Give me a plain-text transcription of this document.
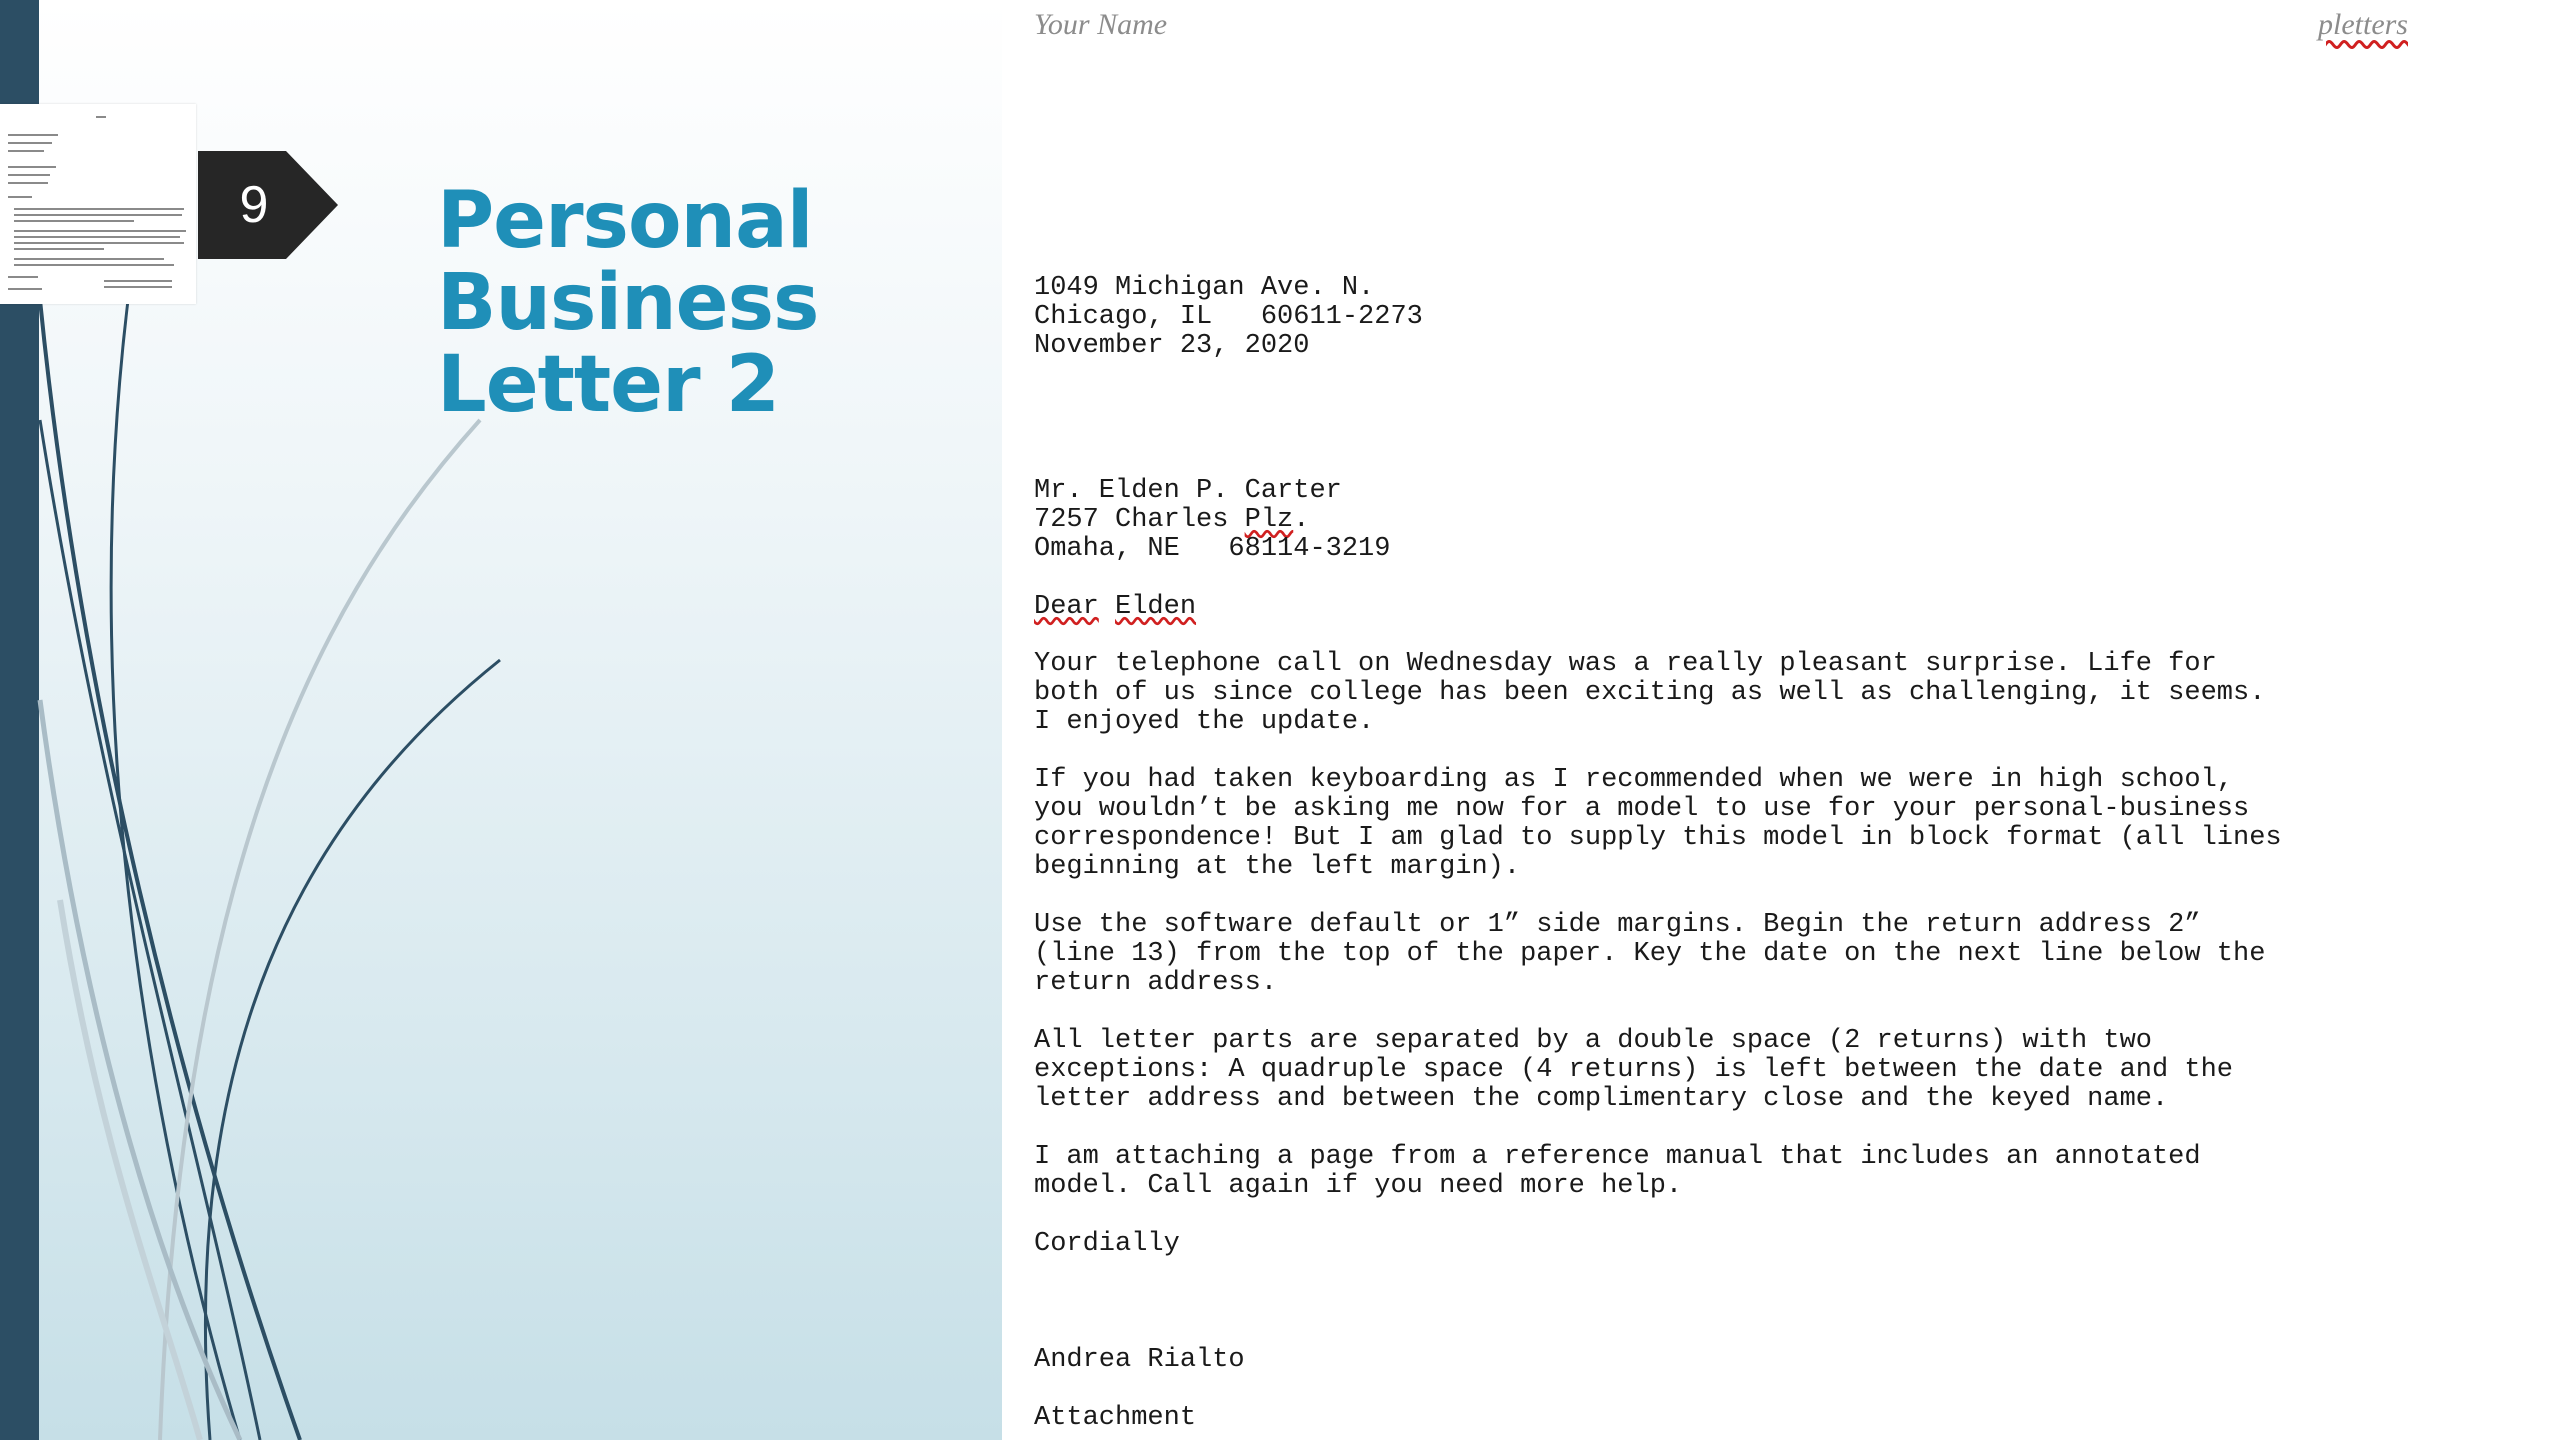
9 Personal
Business
Letter 2
Your Name	pletters
1049 Michigan Ave. N.
Chicago, IL   60611-2273
November 23, 2020
Mr. Elden P. Carter
7257 Charles Plz.
Omaha, NE   68114-3219
Dear Elden
Your telephone call on Wednesday was a really pleasant surprise. Life for
both of us since college has been exciting as well as challenging, it seems.
I enjoyed the update.
If you had taken keyboarding as I recommended when we were in high school,
you wouldn’t be asking me now for a model to use for your personal-business
correspondence! But I am glad to supply this model in block format (all lines
beginning at the left margin).
Use the software default or 1” side margins. Begin the return address 2”
(line 13) from the top of the paper. Key the date on the next line below the
return address.
All letter parts are separated by a double space (2 returns) with two
exceptions: A quadruple space (4 returns) is left between the date and the
letter address and between the complimentary close and the keyed name.
I am attaching a page from a reference manual that includes an annotated
model. Call again if you need more help.
Cordially
Andrea Rialto
Attachment
